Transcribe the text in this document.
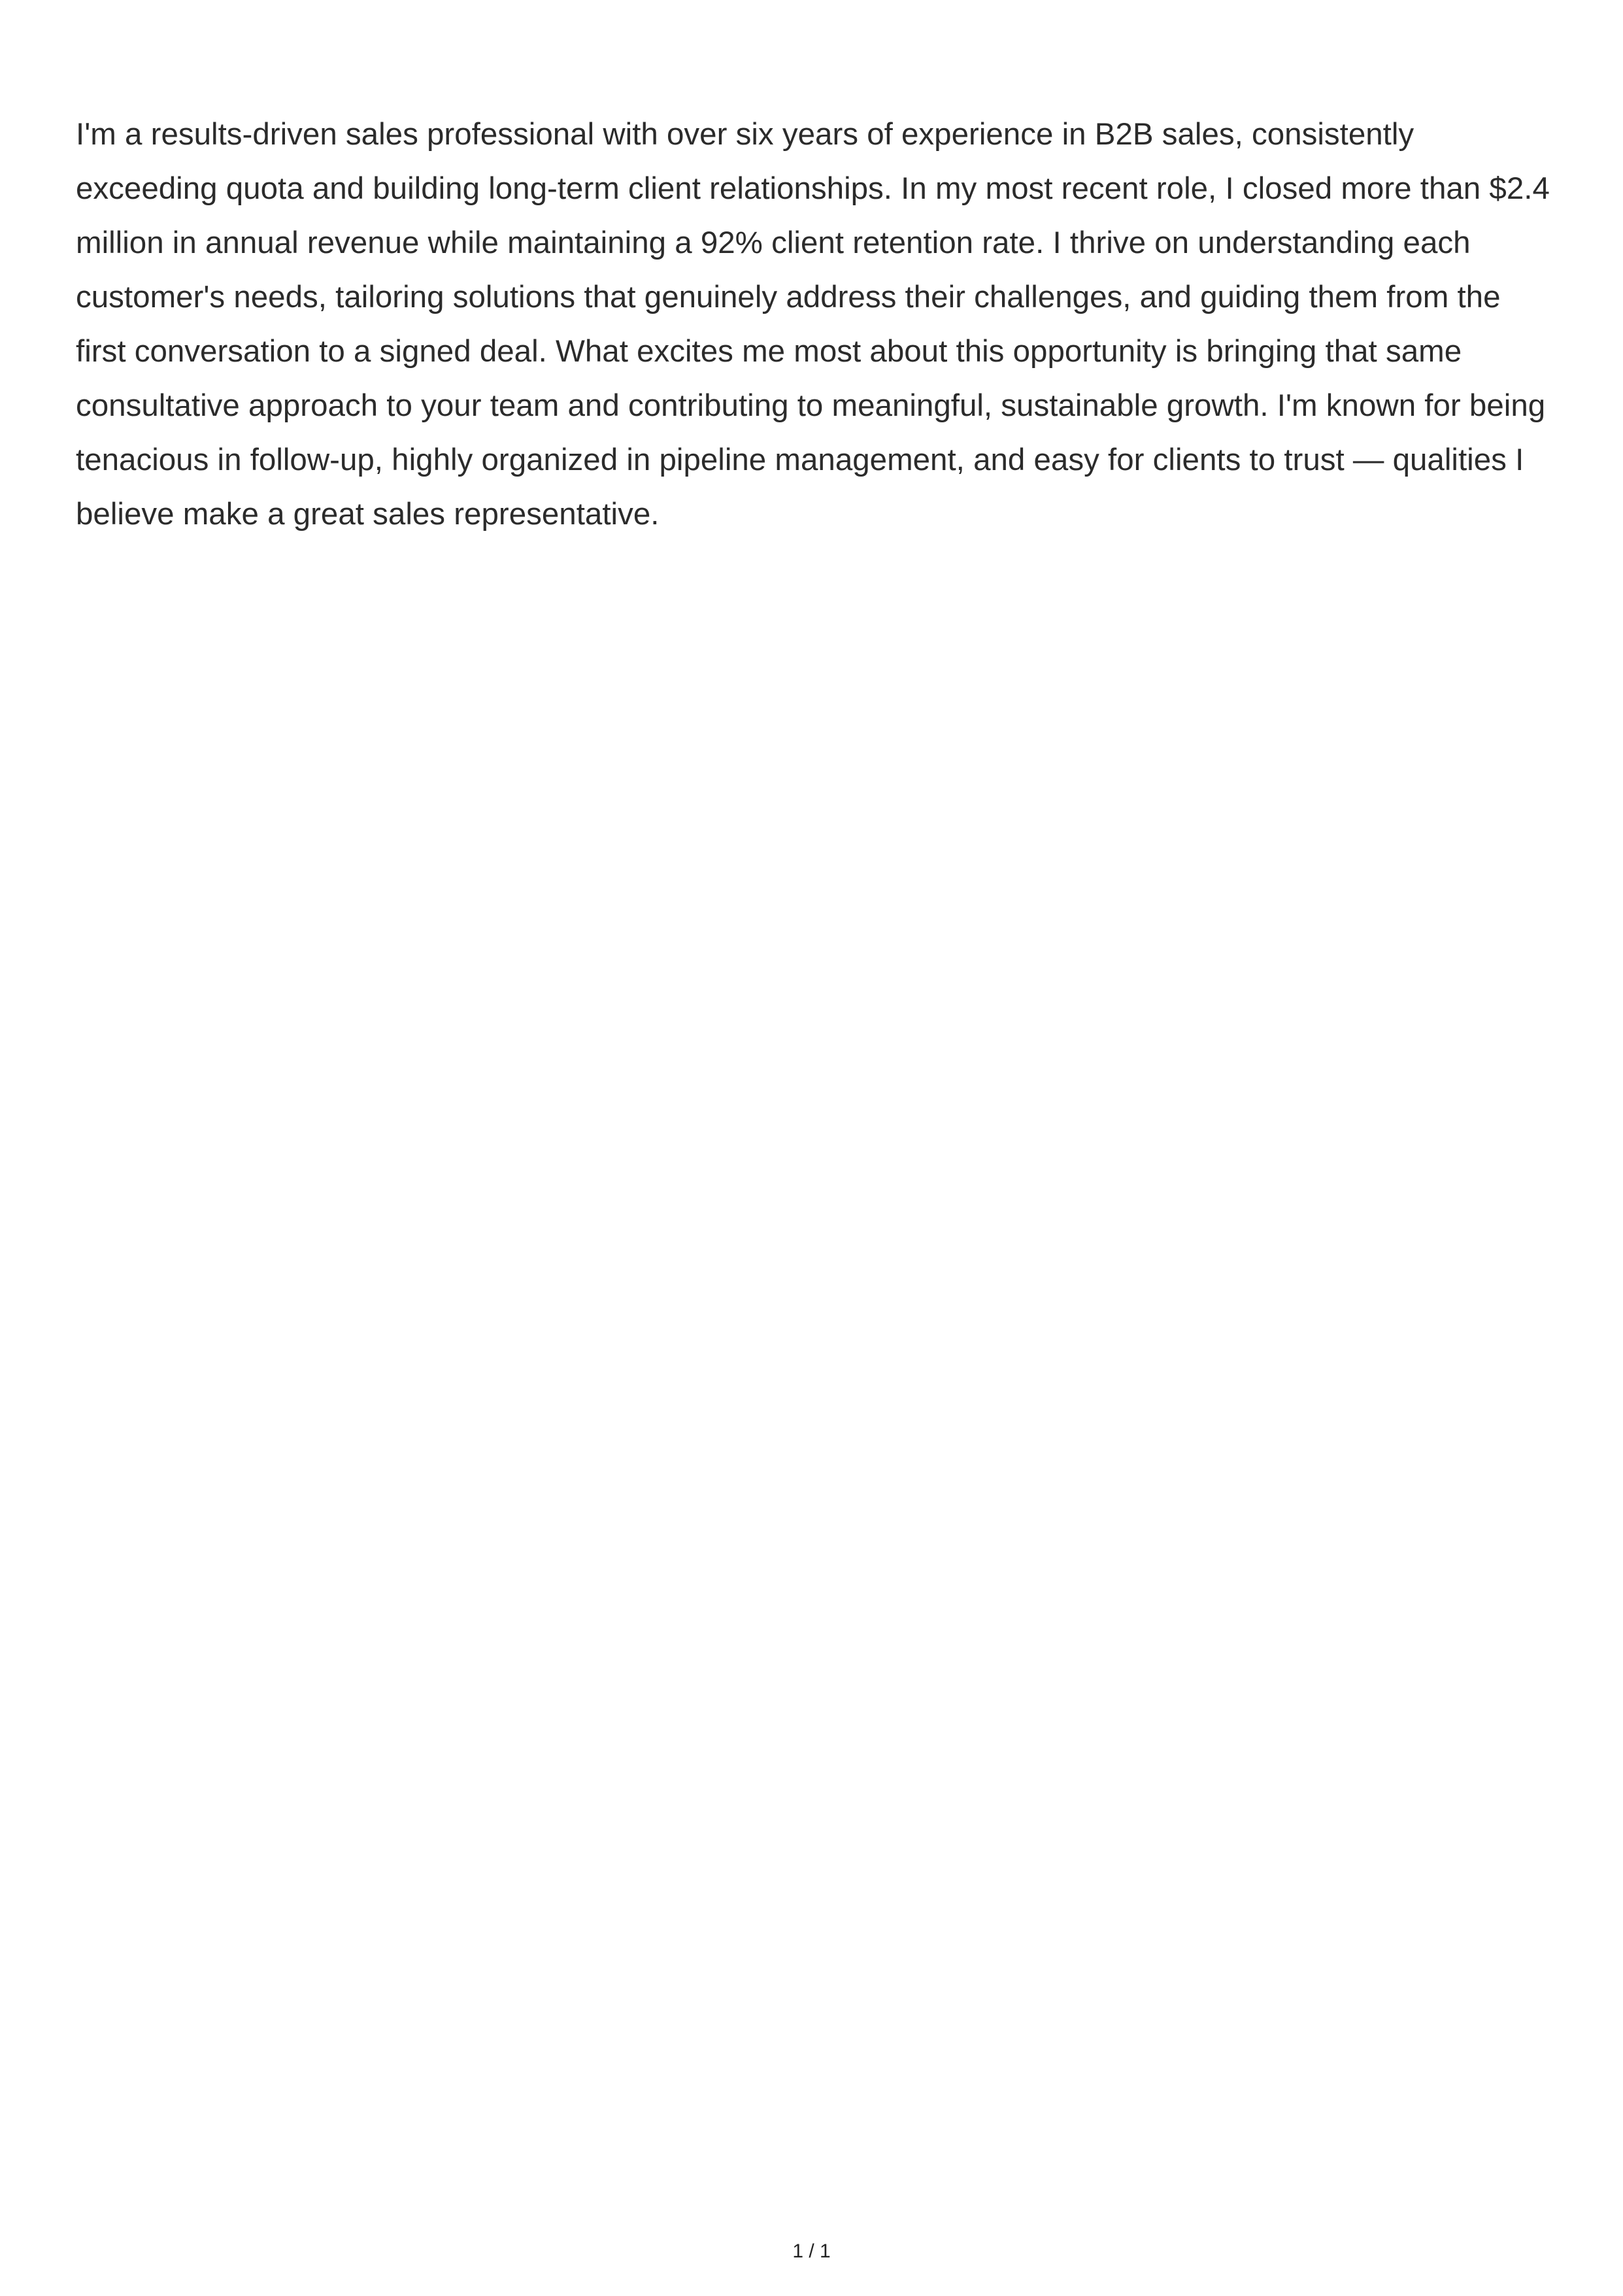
I'm a results-driven sales professional with over six years of experience in B2B sales, consistently exceeding quota and building long-term client relationships. In my most recent role, I closed more than $2.4 million in annual revenue while maintaining a 92% client retention rate. I thrive on understanding each customer's needs, tailoring solutions that genuinely address their challenges, and guiding them from the first conversation to a signed deal. What excites me most about this opportunity is bringing that same consultative approach to your team and contributing to meaningful, sustainable growth. I'm known for being tenacious in follow-up, highly organized in pipeline management, and easy for clients to trust — qualities I believe make a great sales representative.

1 / 1
